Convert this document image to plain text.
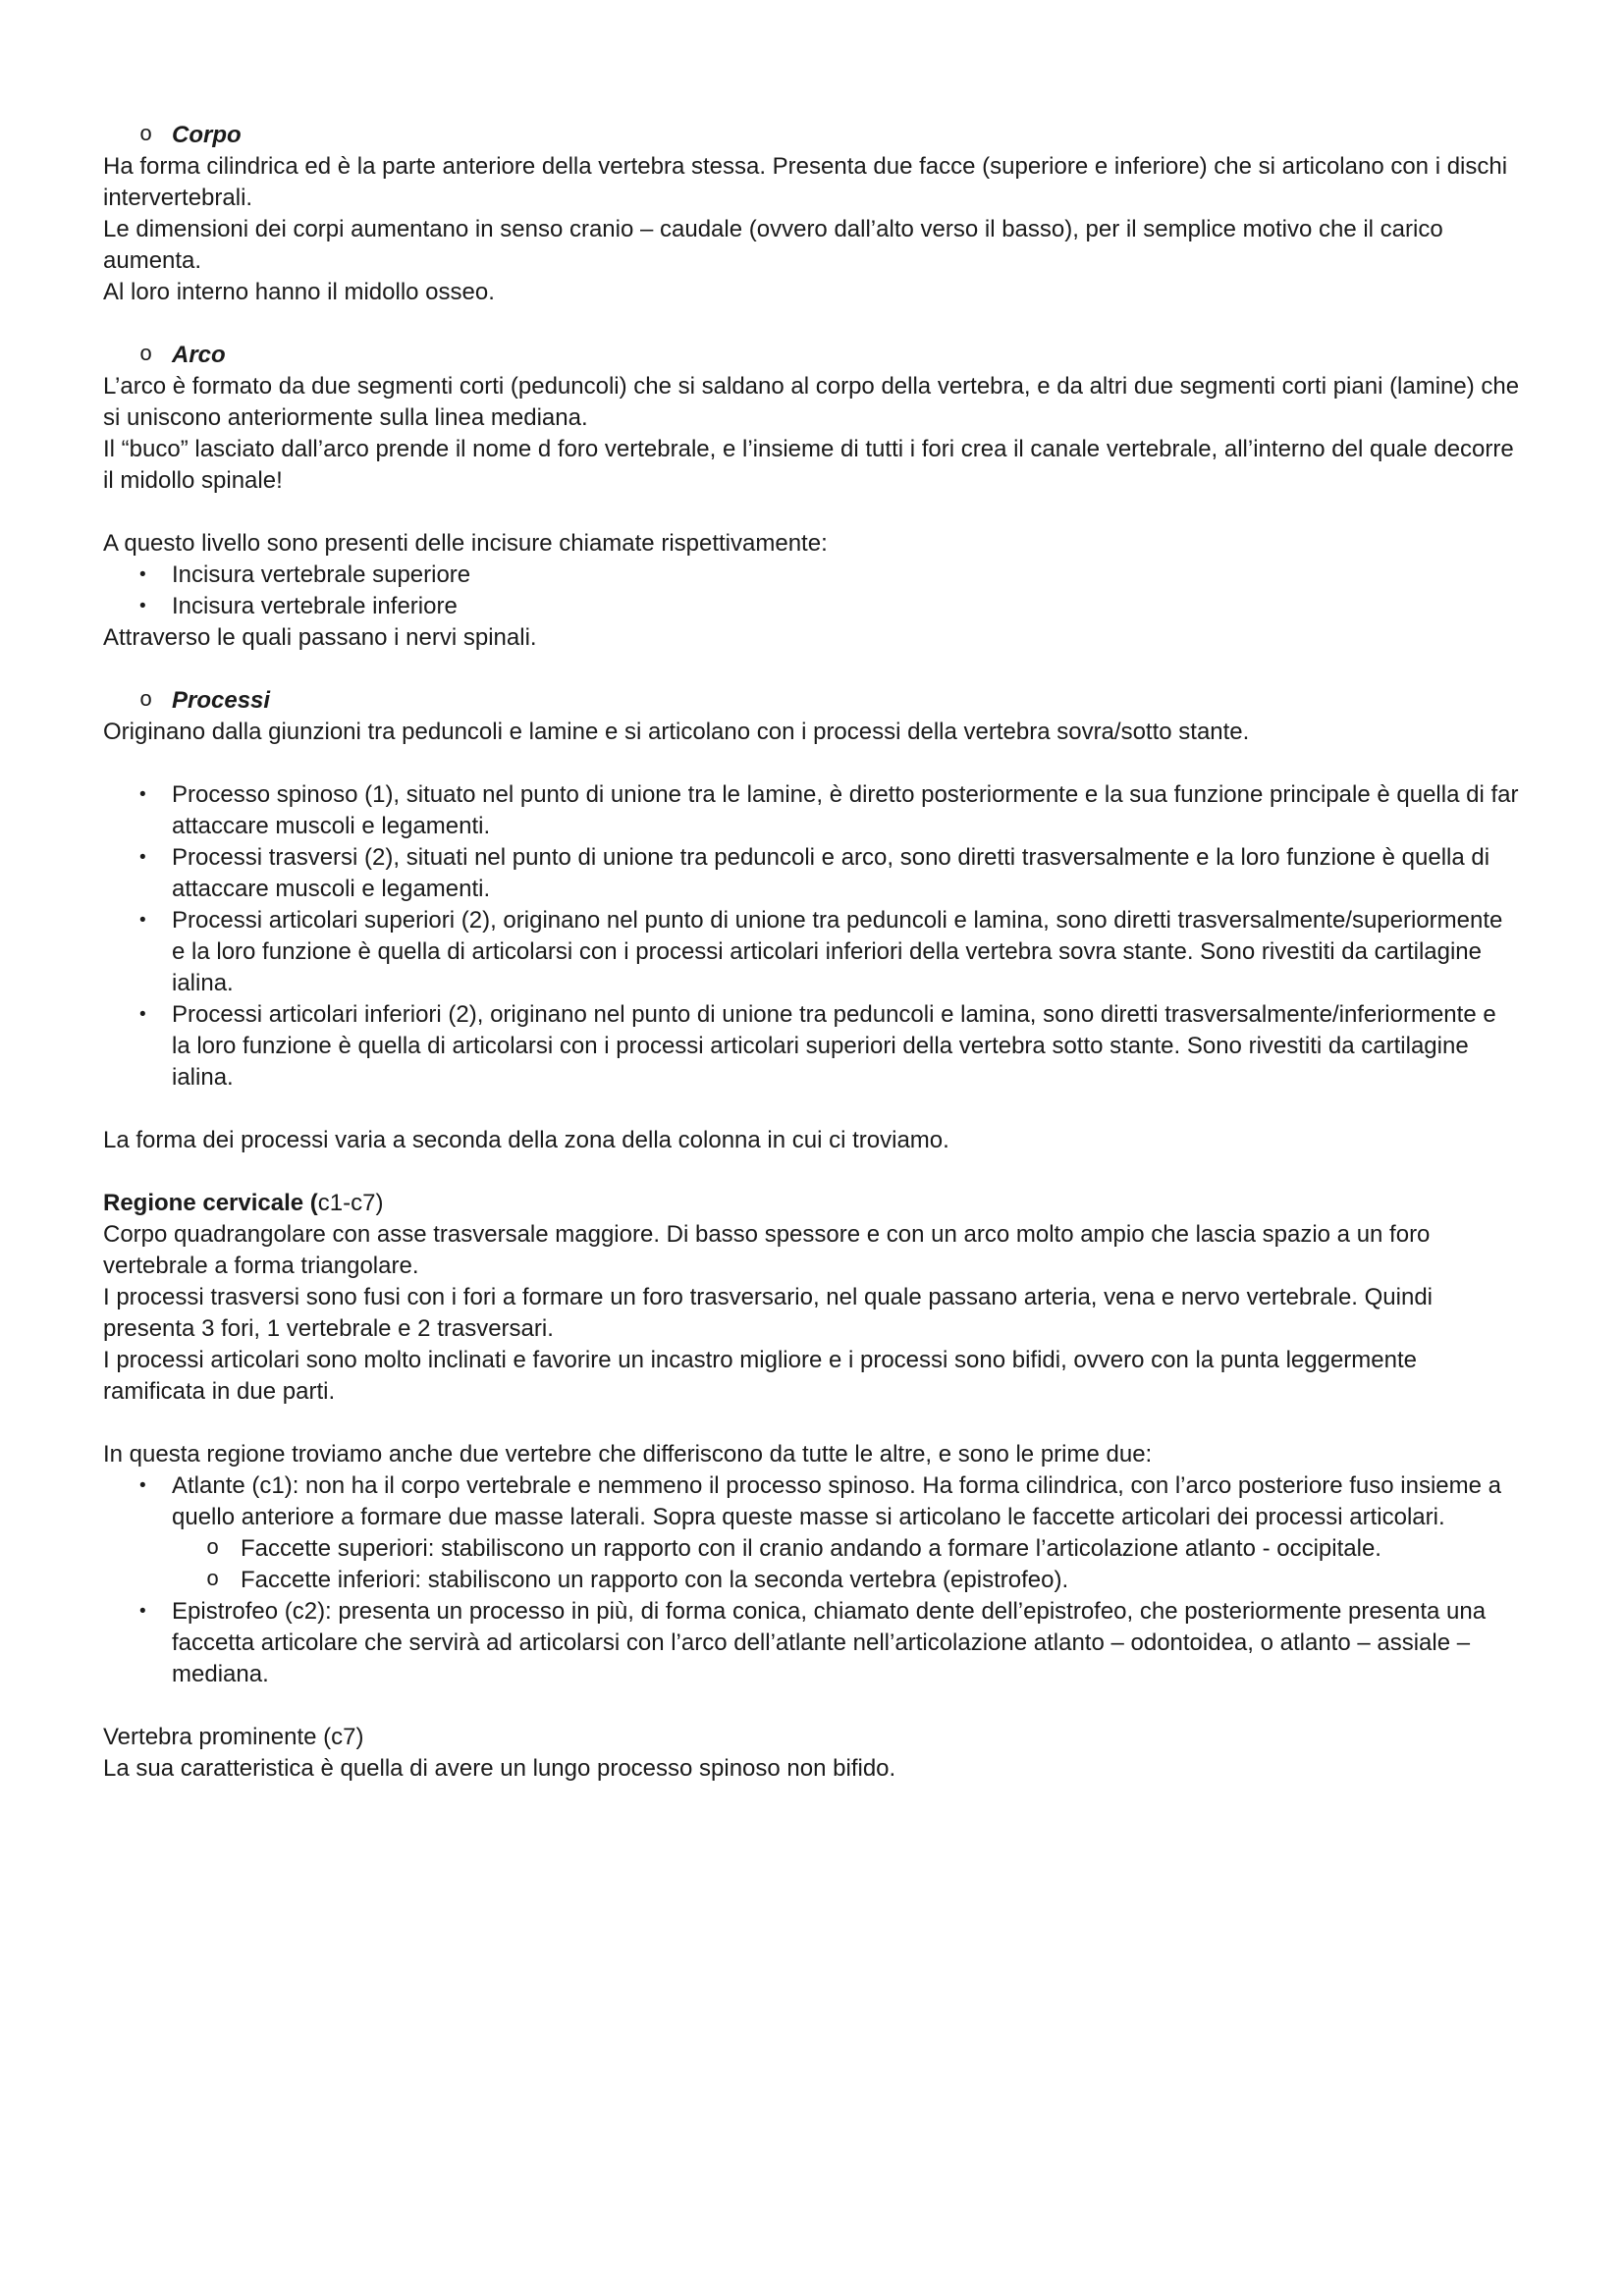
o Corpo
Ha forma cilindrica ed è la parte anteriore della vertebra stessa. Presenta due facce (superiore e inferiore) che si articolano con i dischi intervertebrali.
Le dimensioni dei corpi aumentano in senso cranio – caudale (ovvero dall’alto verso il basso), per il semplice motivo che il carico aumenta.
Al loro interno hanno il midollo osseo.
o Arco
L’arco è formato da due segmenti corti (peduncoli) che si saldano al corpo della vertebra, e da altri due segmenti corti piani (lamine) che si uniscono anteriormente sulla linea mediana.
Il “buco” lasciato dall’arco prende il nome d foro vertebrale, e l’insieme di tutti i fori crea il canale vertebrale, all’interno del quale decorre il midollo spinale!
A questo livello sono presenti delle incisure chiamate rispettivamente:
• Incisura vertebrale superiore
• Incisura vertebrale inferiore
Attraverso le quali passano i nervi spinali.
o Processi
Originano dalla giunzioni tra peduncoli e lamine e si articolano con i processi della vertebra sovra/sotto stante.
• Processo spinoso (1), situato nel punto di unione tra le lamine, è diretto posteriormente e la sua funzione principale è quella di far attaccare muscoli e legamenti.
• Processi trasversi (2), situati nel punto di unione tra peduncoli e arco, sono diretti trasversalmente e la loro funzione è quella di attaccare muscoli e legamenti.
• Processi articolari superiori (2), originano nel punto di unione tra peduncoli e lamina, sono diretti trasversalmente/superiormente e la loro funzione è quella di articolarsi con i processi articolari inferiori della vertebra sovra stante. Sono rivestiti da cartilagine ialina.
• Processi articolari inferiori (2), originano nel punto di unione tra peduncoli e lamina, sono diretti trasversalmente/inferiormente e la loro funzione è quella di articolarsi con i processi articolari superiori della vertebra sotto stante. Sono rivestiti da cartilagine ialina.
La forma dei processi varia a seconda della zona della colonna in cui ci troviamo.
Regione cervicale (c1-c7)
Corpo quadrangolare con asse trasversale maggiore. Di basso spessore e con un arco molto ampio che lascia spazio a un foro vertebrale a forma triangolare.
I processi trasversi sono fusi con i fori a formare un foro trasversario, nel quale passano arteria, vena e nervo vertebrale. Quindi presenta 3 fori, 1 vertebrale e 2 trasversari.
I processi articolari sono molto inclinati e favorire un incastro migliore e i processi sono bifidi, ovvero con la punta leggermente ramificata in due parti.
In questa regione troviamo anche due vertebre che differiscono da tutte le altre, e sono le prime due:
• Atlante (c1): non ha il corpo vertebrale e nemmeno il processo spinoso. Ha forma cilindrica, con l’arco posteriore fuso insieme a quello anteriore a formare due masse laterali. Sopra queste masse si articolano le faccette articolari dei processi articolari.
o Faccette superiori: stabiliscono un rapporto con il cranio andando a formare l’articolazione atlanto - occipitale.
o Faccette inferiori: stabiliscono un rapporto con la seconda vertebra (epistrofeo).
• Epistrofeo (c2): presenta un processo in più, di forma conica, chiamato dente dell’epistrofeo, che posteriormente presenta una faccetta articolare che servirà ad articolarsi con l’arco dell’atlante nell’articolazione atlanto – odontoidea, o atlanto – assiale –mediana.
Vertebra prominente (c7)
La sua caratteristica è quella di avere un lungo processo spinoso non bifido.
